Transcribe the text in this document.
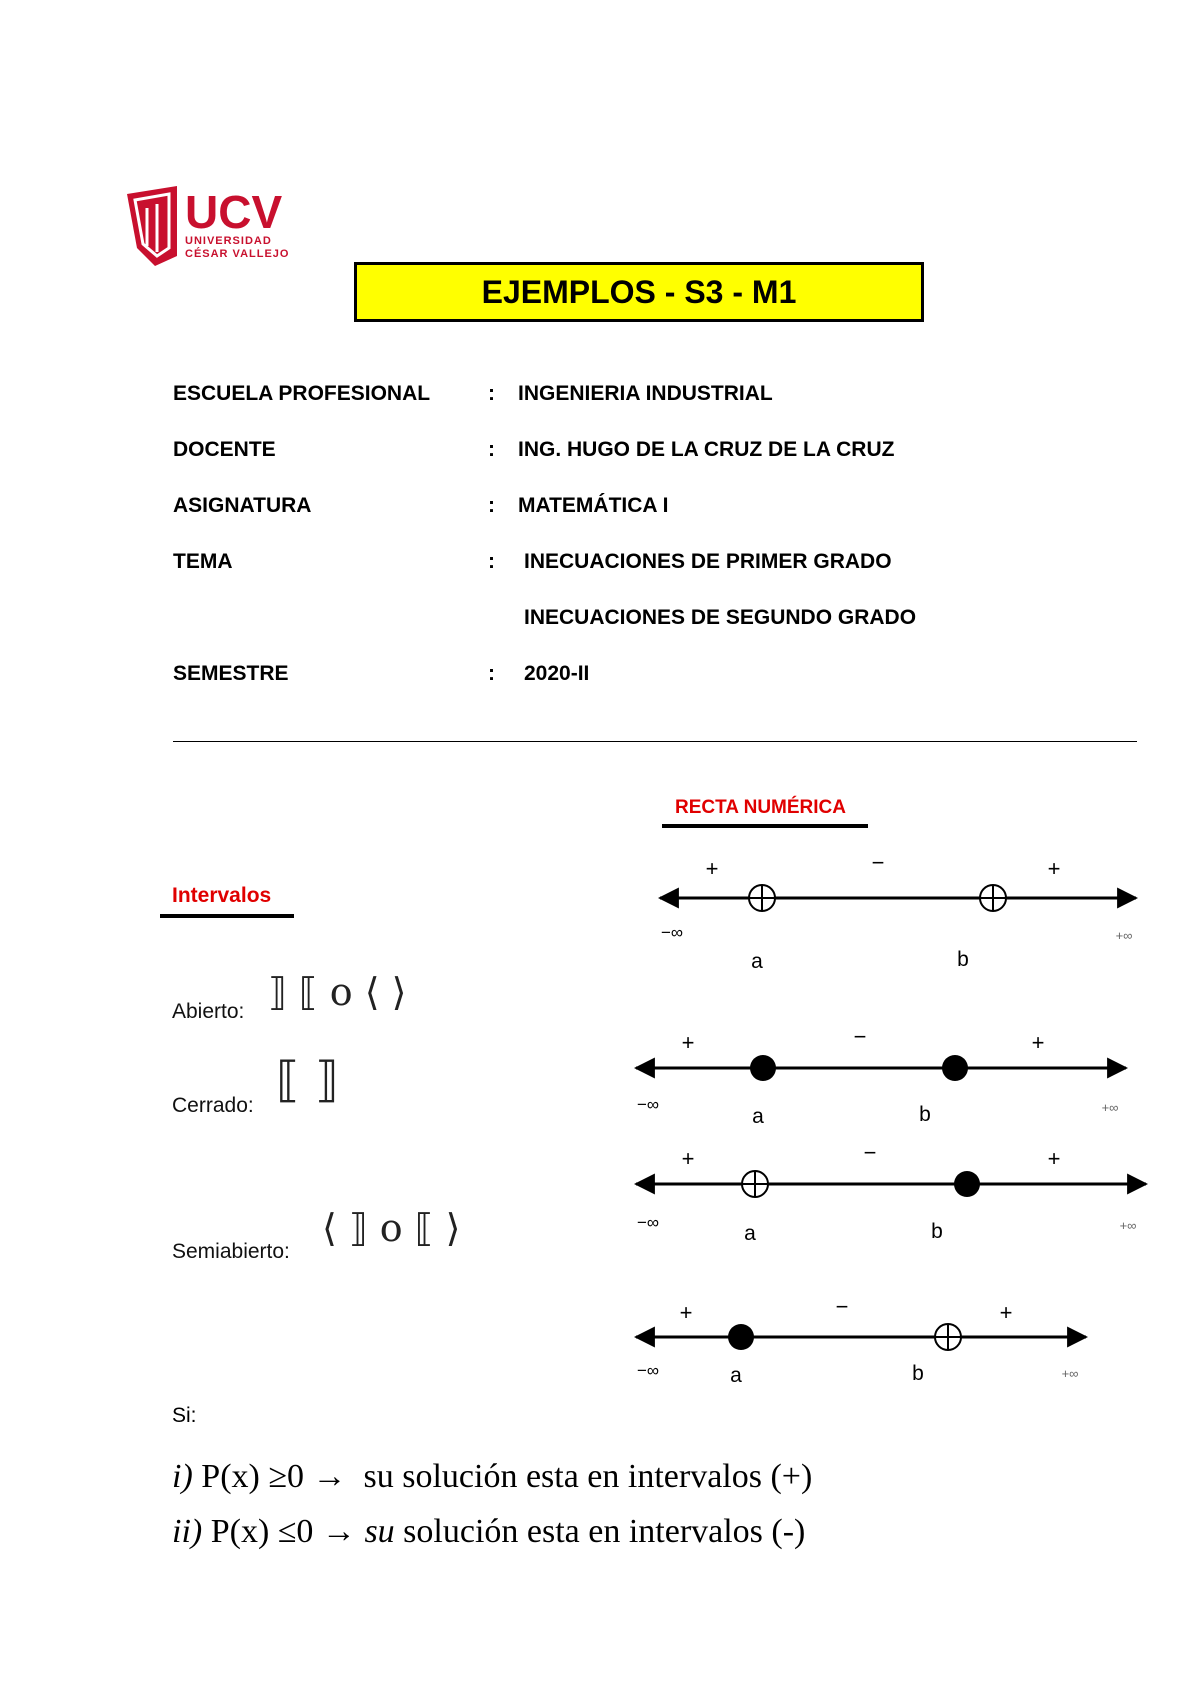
UCV
UNIVERSIDAD
CÉSAR VALLEJO
EJEMPLOS - S3 - M1
ESCUELA PROFESIONAL	: INGENIERIA INDUSTRIAL
DOCENTE	: ING. HUGO DE LA CRUZ DE LA CRUZ
ASIGNATURA	: MATEMÁTICA I
TEMA	: INECUACIONES DE PRIMER GRADO
INECUACIONES DE SEGUNDO GRADO
SEMESTRE	: 2020-II
Intervalos
Abierto: ⟧ ⟦ o ⟨ ⟩
Cerrado: ⟦ ⟧
Semiabierto:
⟨ ⟧ o ⟦ ⟩
RECTA NUMÉRICA
+	−	+
−∞	+∞
a	b
+	−	+
−∞	+∞
a	b
+	−	+
−∞	+∞
a	b
+	−	+
−∞	+∞
a	b
Si:
i) P(x) ≥0 → su solución esta en intervalos (+)
ii) P(x) ≤0 → su solución esta en intervalos (-)
